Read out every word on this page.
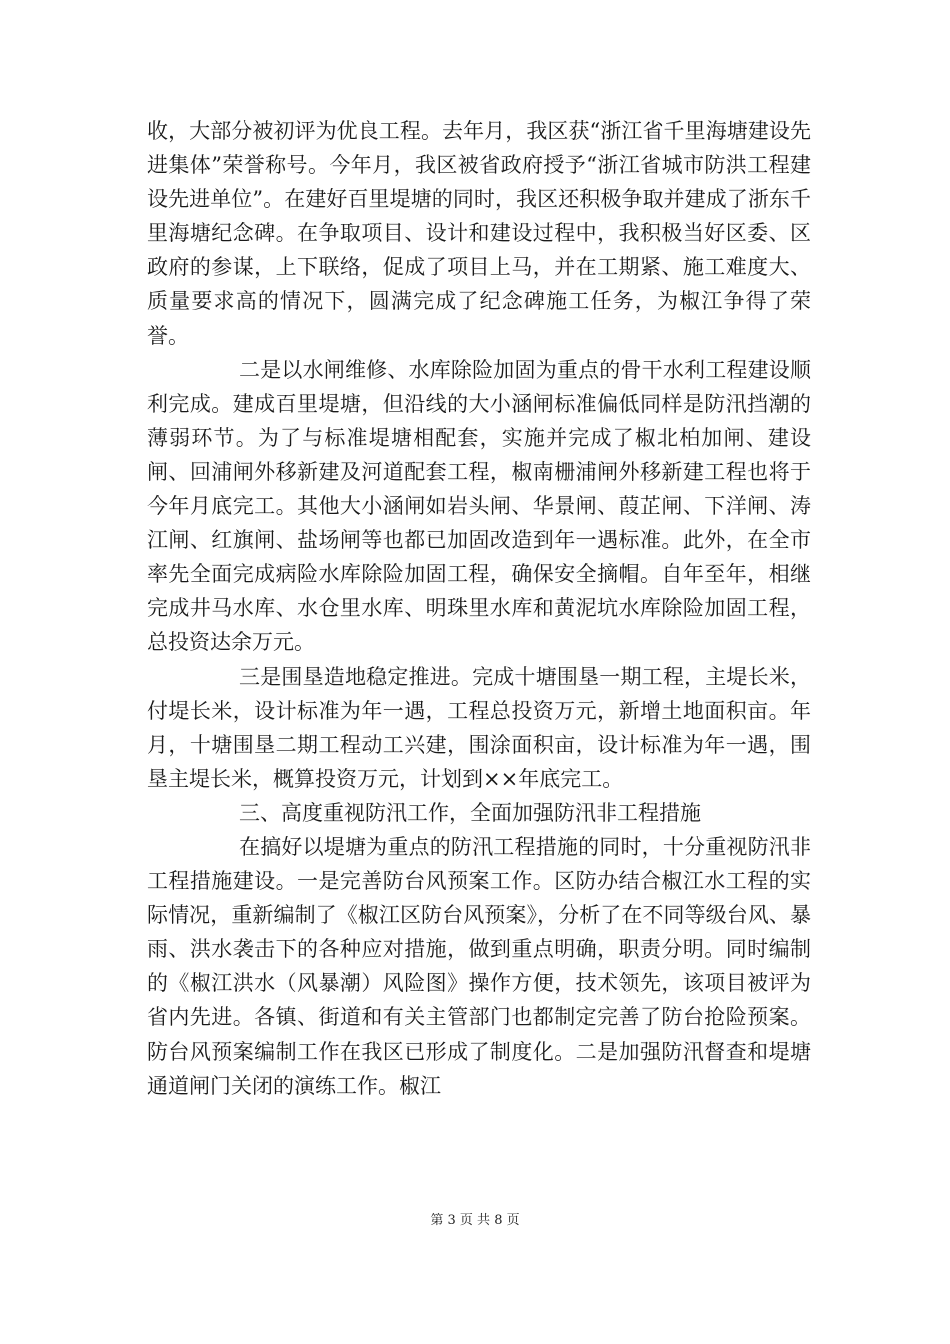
收，大部分被初评为优良工程。去年月，我区获“浙江省千里海塘建设先进集体”荣誉称号。今年月，我区被省政府授予“浙江省城市防洪工程建设先进单位”。在建好百里堤塘的同时，我区还积极争取并建成了浙东千里海塘纪念碑。在争取项目、设计和建设过程中，我积极当好区委、区政府的参谋，上下联络，促成了项目上马，并在工期紧、施工难度大、质量要求高的情况下，圆满完成了纪念碑施工任务，为椒江争得了荣誉。

二是以水闸维修、水库除险加固为重点的骨干水利工程建设顺利完成。建成百里堤塘，但沿线的大小涵闸标准偏低同样是防汛挡潮的薄弱环节。为了与标准堤塘相配套，实施并完成了椒北柏加闸、建设闸、回浦闸外移新建及河道配套工程，椒南栅浦闸外移新建工程也将于今年月底完工。其他大小涵闸如岩头闸、华景闸、葭芷闸、下洋闸、涛江闸、红旗闸、盐场闸等也都已加固改造到年一遇标准。此外，在全市率先全面完成病险水库除险加固工程，确保安全摘帽。自年至年，相继完成井马水库、水仓里水库、明珠里水库和黄泥坑水库除险加固工程，总投资达余万元。

三是围垦造地稳定推进。完成十塘围垦一期工程，主堤长米，付堤长米，设计标准为年一遇，工程总投资万元，新增土地面积亩。年月，十塘围垦二期工程动工兴建，围涂面积亩，设计标准为年一遇，围垦主堤长米，概算投资万元，计划到××年底完工。

三、高度重视防汛工作，全面加强防汛非工程措施

在搞好以堤塘为重点的防汛工程措施的同时，十分重视防汛非工程措施建设。一是完善防台风预案工作。区防办结合椒江水工程的实际情况，重新编制了《椒江区防台风预案》，分析了在不同等级台风、暴雨、洪水袭击下的各种应对措施，做到重点明确，职责分明。同时编制的《椒江洪水（风暴潮）风险图》操作方便，技术领先，该项目被评为省内先进。各镇、街道和有关主管部门也都制定完善了防台抢险预案。防台风预案编制工作在我区已形成了制度化。二是加强防汛督查和堤塘通道闸门关闭的演练工作。椒江

第 3 页 共 8 页
